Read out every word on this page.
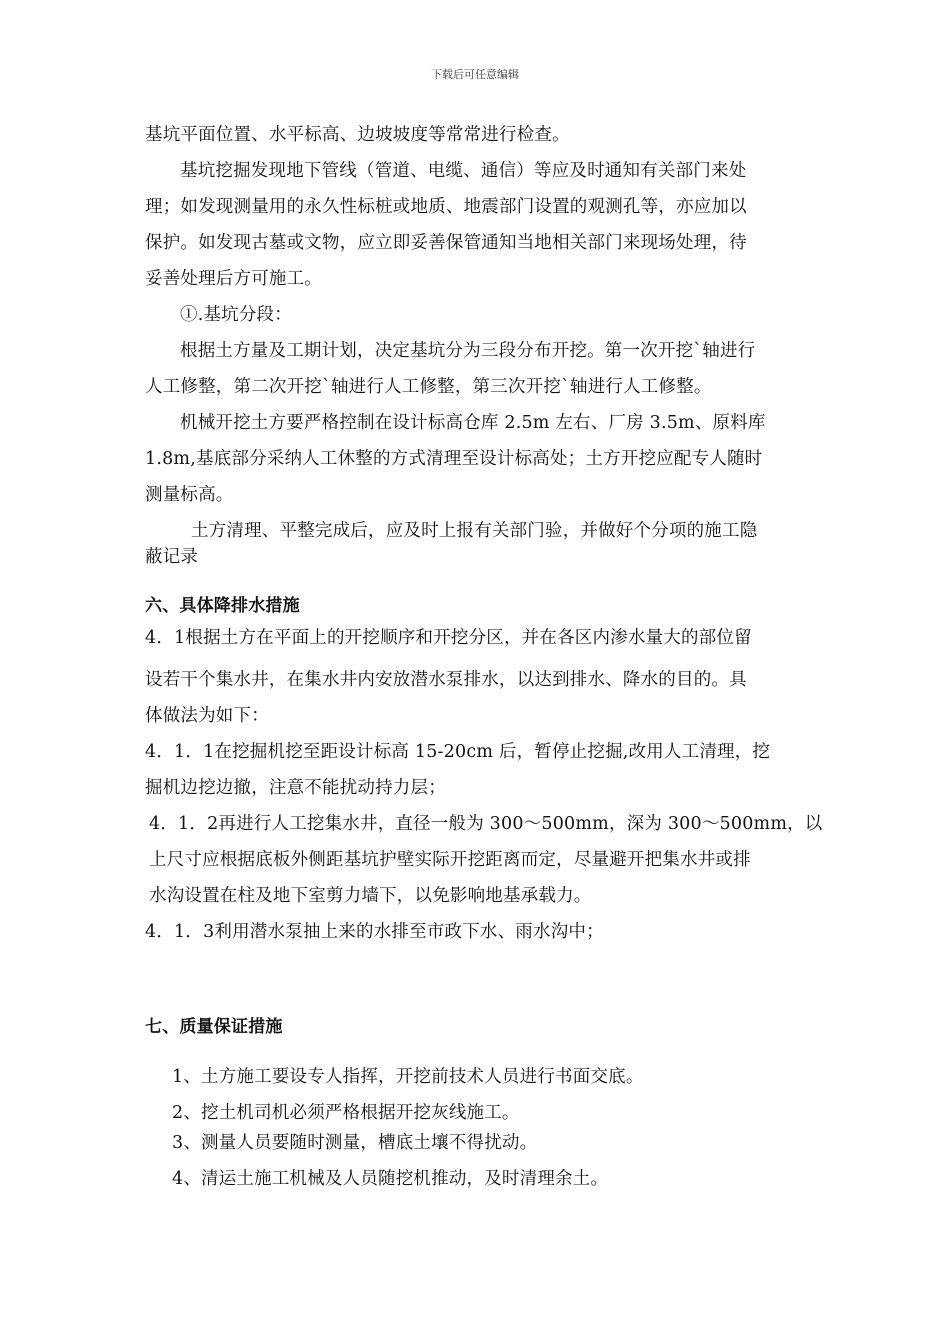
下载后可任意编辑
基坑平面位置、水平标高、边坡坡度等常常进行检查。
基坑挖掘发现地下管线（管道、电缆、通信）等应及时通知有关部门来处
理；如发现测量用的永久性标桩或地质、地震部门设置的观测孔等，亦应加以
保护。如发现古墓或文物，应立即妥善保管通知当地相关部门来现场处理，待
妥善处理后方可施工。
①.基坑分段：
根据土方量及工期计划，决定基坑分为三段分布开挖。第一次开挖`轴进行
人工修整，第二次开挖`轴进行人工修整，第三次开挖`轴进行人工修整。
机械开挖土方要严格控制在设计标高仓库 2.5m 左右、厂房 3.5m、原料库
1.8m,基底部分采纳人工休整的方式清理至设计标高处；土方开挖应配专人随时
测量标高。
土方清理、平整完成后，应及时上报有关部门验，并做好个分项的施工隐
蔽记录
六、具体降排水措施
4．1根据土方在平面上的开挖顺序和开挖分区，并在各区内渗水量大的部位留
设若干个集水井，在集水井内安放潜水泵排水，以达到排水、降水的目的。具
体做法为如下：
4．1．1在挖掘机挖至距设计标高 15-20cm 后，暂停止挖掘,改用人工清理，挖
掘机边挖边撤，注意不能扰动持力层；
4．1．2再进行人工挖集水井，直径一般为 300～500mm，深为 300～500mm，以
上尺寸应根据底板外侧距基坑护壁实际开挖距离而定，尽量避开把集水井或排
水沟设置在柱及地下室剪力墙下，以免影响地基承载力。
4．1．3利用潜水泵抽上来的水排至市政下水、雨水沟中；
七、质量保证措施
1、土方施工要设专人指挥，开挖前技术人员进行书面交底。
2、挖土机司机必须严格根据开挖灰线施工。
3、测量人员要随时测量，槽底土壤不得扰动。
4、清运土施工机械及人员随挖机推动，及时清理余土。
